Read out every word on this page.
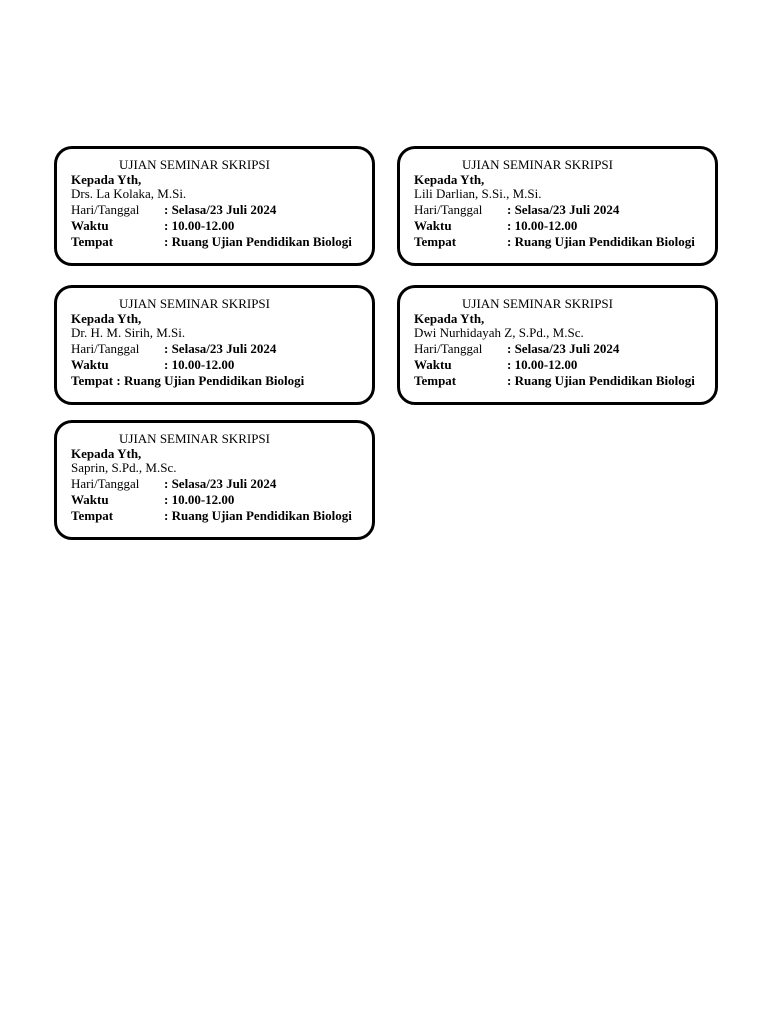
UJIAN SEMINAR SKRIPSI
Kepada Yth,
Drs. La Kolaka, M.Si.
Hari/Tanggal : Selasa/23 Juli 2024
Waktu	: 10.00-12.00
Tempat	: Ruang Ujian Pendidikan Biologi
UJIAN SEMINAR SKRIPSI
Kepada Yth,
Lili Darlian, S.Si., M.Si.
Hari/Tanggal : Selasa/23 Juli 2024
Waktu	: 10.00-12.00
Tempat	: Ruang Ujian Pendidikan Biologi
UJIAN SEMINAR SKRIPSI
Kepada Yth,
Dr. H. M. Sirih, M.Si.
Hari/Tanggal : Selasa/23 Juli 2024
Waktu	: 10.00-12.00
Tempat : Ruang Ujian Pendidikan Biologi
UJIAN SEMINAR SKRIPSI
Kepada Yth,
Dwi Nurhidayah Z, S.Pd., M.Sc.
Hari/Tanggal : Selasa/23 Juli 2024
Waktu	: 10.00-12.00
Tempat	: Ruang Ujian Pendidikan Biologi
UJIAN SEMINAR SKRIPSI
Kepada Yth,
Saprin, S.Pd., M.Sc.
Hari/Tanggal : Selasa/23 Juli 2024
Waktu	: 10.00-12.00
Tempat	: Ruang Ujian Pendidikan Biologi
